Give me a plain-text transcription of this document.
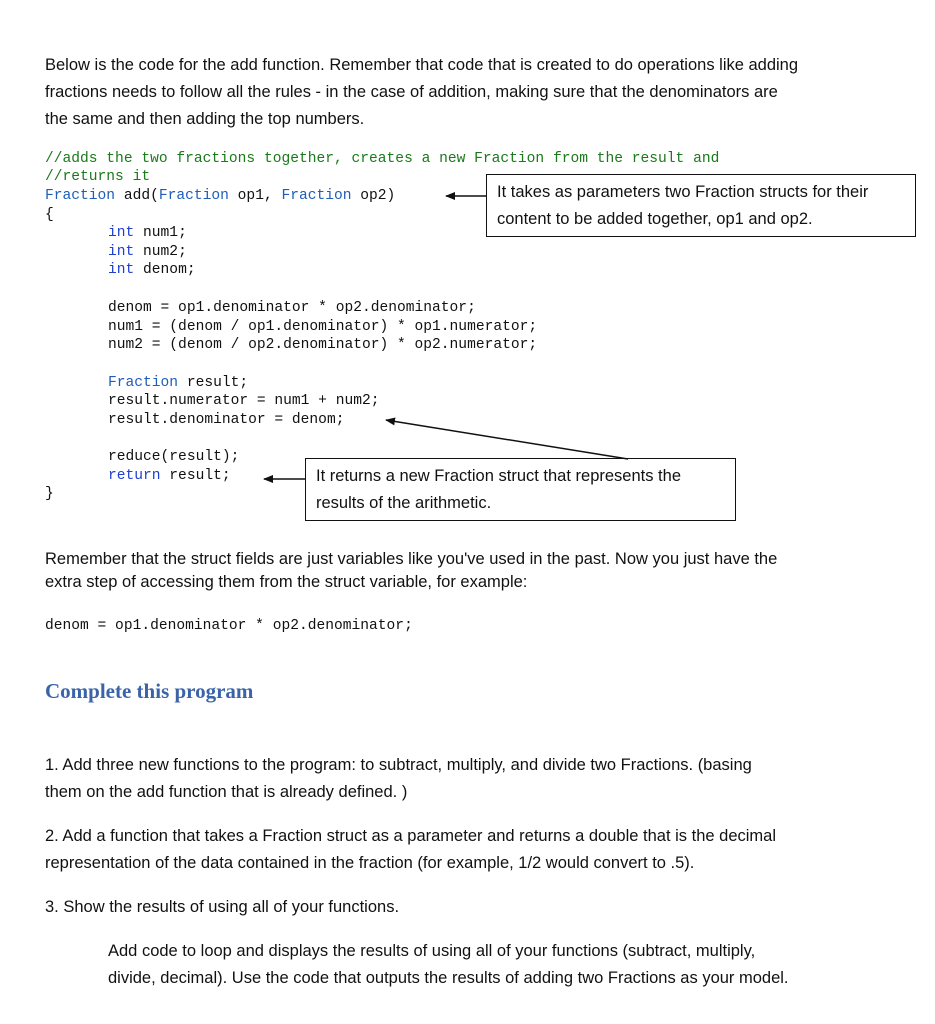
Below is the code for the add function. Remember that code that is created to do operations like adding
fractions needs to follow all the rules - in the case of addition, making sure that the denominators are
the same and then adding the top numbers.
//adds the two fractions together, creates a new Fraction from the result and
//returns it
Fraction add(Fraction op1, Fraction op2)
{
int num1;
int num2;
int denom;
denom = op1.denominator * op2.denominator;
num1 = (denom / op1.denominator) * op1.numerator;
num2 = (denom / op2.denominator) * op2.numerator;
Fraction result;
result.numerator = num1 + num2;
result.denominator = denom;
reduce(result);
return result;
}
It takes as parameters two Fraction structs for their
content to be added together, op1 and op2.
It returns a new Fraction struct that represents the
results of the arithmetic.
Remember that the struct fields are just variables like you've used in the past. Now you just have the
extra step of accessing them from the struct variable, for example:
denom = op1.denominator * op2.denominator;
Complete this program
1. Add three new functions to the program: to subtract, multiply, and divide two Fractions. (basing
them on the add function that is already defined. )
2. Add a function that takes a Fraction struct as a parameter and returns a double that is the decimal
representation of the data contained in the fraction (for example, 1/2 would convert to .5).
3. Show the results of using all of your functions.
Add code to loop and displays the results of using all of your functions (subtract, multiply,
divide, decimal). Use the code that outputs the results of adding two Fractions as your model.
